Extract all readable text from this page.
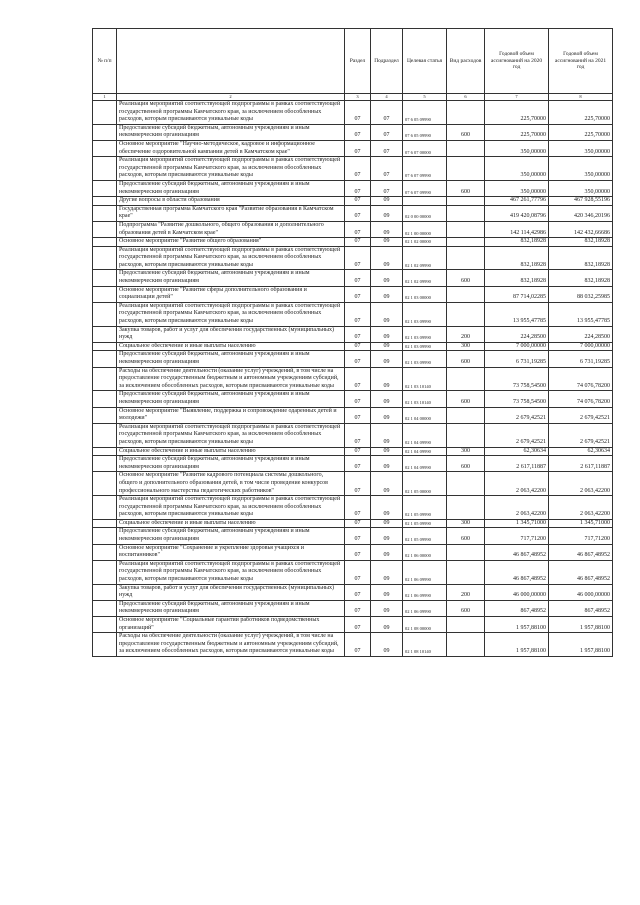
№ п/п		Раздел	Подраздел	Целевая статья	Вид расходов	Годовой объем ассигнований на 2020 год	Годовой объем ассигнований на 2021 год
1	2	3	4	5	6	7	8
	Реализация мероприятий соответствующей подпрограммы в рамках соответствующей государственной программы Камчатского края, за исключением обособленных расходов, которым присваиваются уникальные коды	07	07	07 6 05 09990		225,70000	225,70000
	Предоставление субсидий бюджетным, автономным учреждениям и иным некоммерческим организациям	07	07	07 6 05 09990	600	225,70000	225,70000
	Основное мероприятие "Научно-методическое, кадровое и информационное обеспечение оздоровительной кампании детей в Камчатском крае"	07	07	07 6 07 00000		350,00000	350,00000
	Реализация мероприятий соответствующей подпрограммы в рамках соответствующей государственной программы Камчатского края, за исключением обособленных расходов, которым присваиваются уникальные коды	07	07	07 6 07 09990		350,00000	350,00000
	Предоставление субсидий бюджетным, автономным учреждениям и иным некоммерческим организациям	07	07	07 6 07 09990	600	350,00000	350,00000
	Другие вопросы в области образования	07	09			467 261,77796	467 928,55196
	Государственная программа Камчатского края "Развитие образования в Камчатском крае"	07	09	02 0 00 00000		419 420,08796	420 346,20196
	Подпрограмма "Развитие дошкольного, общего образования и дополнительного образования детей в Камчатском крае"	07	09	02 1 00 00000		142 114,42986	142 432,66686
	Основное мероприятие "Развитие общего образования"	07	09	02 1 02 00000		832,18928	832,18928
	Реализация мероприятий соответствующей подпрограммы в рамках соответствующей государственной программы Камчатского края, за исключением обособленных расходов, которым присваиваются уникальные коды	07	09	02 1 02 09990		832,18928	832,18928
	Предоставление субсидий бюджетным, автономным учреждениям и иным некоммерческим организациям	07	09	02 1 02 09990	600	832,18928	832,18928
	Основное мероприятие "Развитие сферы дополнительного образования и социализации детей"	07	09	02 1 03 00000		87 714,02285	88 032,25985
	Реализация мероприятий соответствующей подпрограммы в рамках соответствующей государственной программы Камчатского края, за исключением обособленных расходов, которым присваиваются уникальные коды	07	09	02 1 03 09990		13 955,47785	13 955,47785
	Закупка товаров, работ и услуг для обеспечения государственных (муниципальных) нужд	07	09	02 1 03 09990	200	224,28500	224,28500
	Социальное обеспечение и иные выплаты населению	07	09	02 1 03 09990	300	7 000,00000	7 000,00000
	Предоставление субсидий бюджетным, автономным учреждениям и иным некоммерческим организациям	07	09	02 1 03 09990	600	6 731,19285	6 731,19285
	Расходы на обеспечение деятельности (оказание услуг) учреждений, в том числе на предоставление государственным бюджетным и автономным учреждениям субсидий, за исключением обособленных расходов, которым присваиваются уникальные коды	07	09	02 1 03 10140		73 758,54500	74 076,78200
	Предоставление субсидий бюджетным, автономным учреждениям и иным некоммерческим организациям	07	09	02 1 03 10140	600	73 758,54500	74 076,78200
	Основное мероприятие "Выявление, поддержка и сопровождение одаренных детей и молодежи"	07	09	02 1 04 00000		2 679,42521	2 679,42521
	Реализация мероприятий соответствующей подпрограммы в рамках соответствующей государственной программы Камчатского края, за исключением обособленных расходов, которым присваиваются уникальные коды	07	09	02 1 04 09990		2 679,42521	2 679,42521
	Социальное обеспечение и иные выплаты населению	07	09	02 1 04 09990	300	62,30634	62,30634
	Предоставление субсидий бюджетным, автономным учреждениям и иным некоммерческим организациям	07	09	02 1 04 09990	600	2 617,11887	2 617,11887
	Основное мероприятие "Развитие кадрового потенциала системы дошкольного, общего и дополнительного образования детей, в том числе проведение конкурсов профессионального мастерства педагогических работников"	07	09	02 1 05 00000		2 063,42200	2 063,42200
	Реализация мероприятий соответствующей подпрограммы в рамках соответствующей государственной программы Камчатского края, за исключением обособленных расходов, которым присваиваются уникальные коды	07	09	02 1 05 09990		2 063,42200	2 063,42200
	Социальное обеспечение и иные выплаты населению	07	09	02 1 05 09990	300	1 345,71000	1 345,71000
	Предоставление субсидий бюджетным, автономным учреждениям и иным некоммерческим организациям	07	09	02 1 05 09990	600	717,71200	717,71200
	Основное мероприятие "Сохранение и укрепление здоровья учащихся и воспитанников"	07	09	02 1 06 00000		46 867,48952	46 867,48952
	Реализация мероприятий соответствующей подпрограммы в рамках соответствующей государственной программы Камчатского края, за исключением обособленных расходов, которым присваиваются уникальные коды	07	09	02 1 06 09990		46 867,48952	46 867,48952
	Закупка товаров, работ и услуг для обеспечения государственных (муниципальных) нужд	07	09	02 1 06 09990	200	46 000,00000	46 000,00000
	Предоставление субсидий бюджетным, автономным учреждениям и иным некоммерческим организациям	07	09	02 1 06 09990	600	867,48952	867,48952
	Основное мероприятие "Социальные гарантии работников подведомственных организаций"	07	09	02 1 08 00000		1 957,88100	1 957,88100
	Расходы на обеспечение деятельности (оказание услуг) учреждений, в том числе на предоставление государственным бюджетным и автономным учреждениям субсидий, за исключением обособленных расходов, которым присваиваются уникальные коды	07	09	02 1 08 10140		1 957,88100	1 957,88100
